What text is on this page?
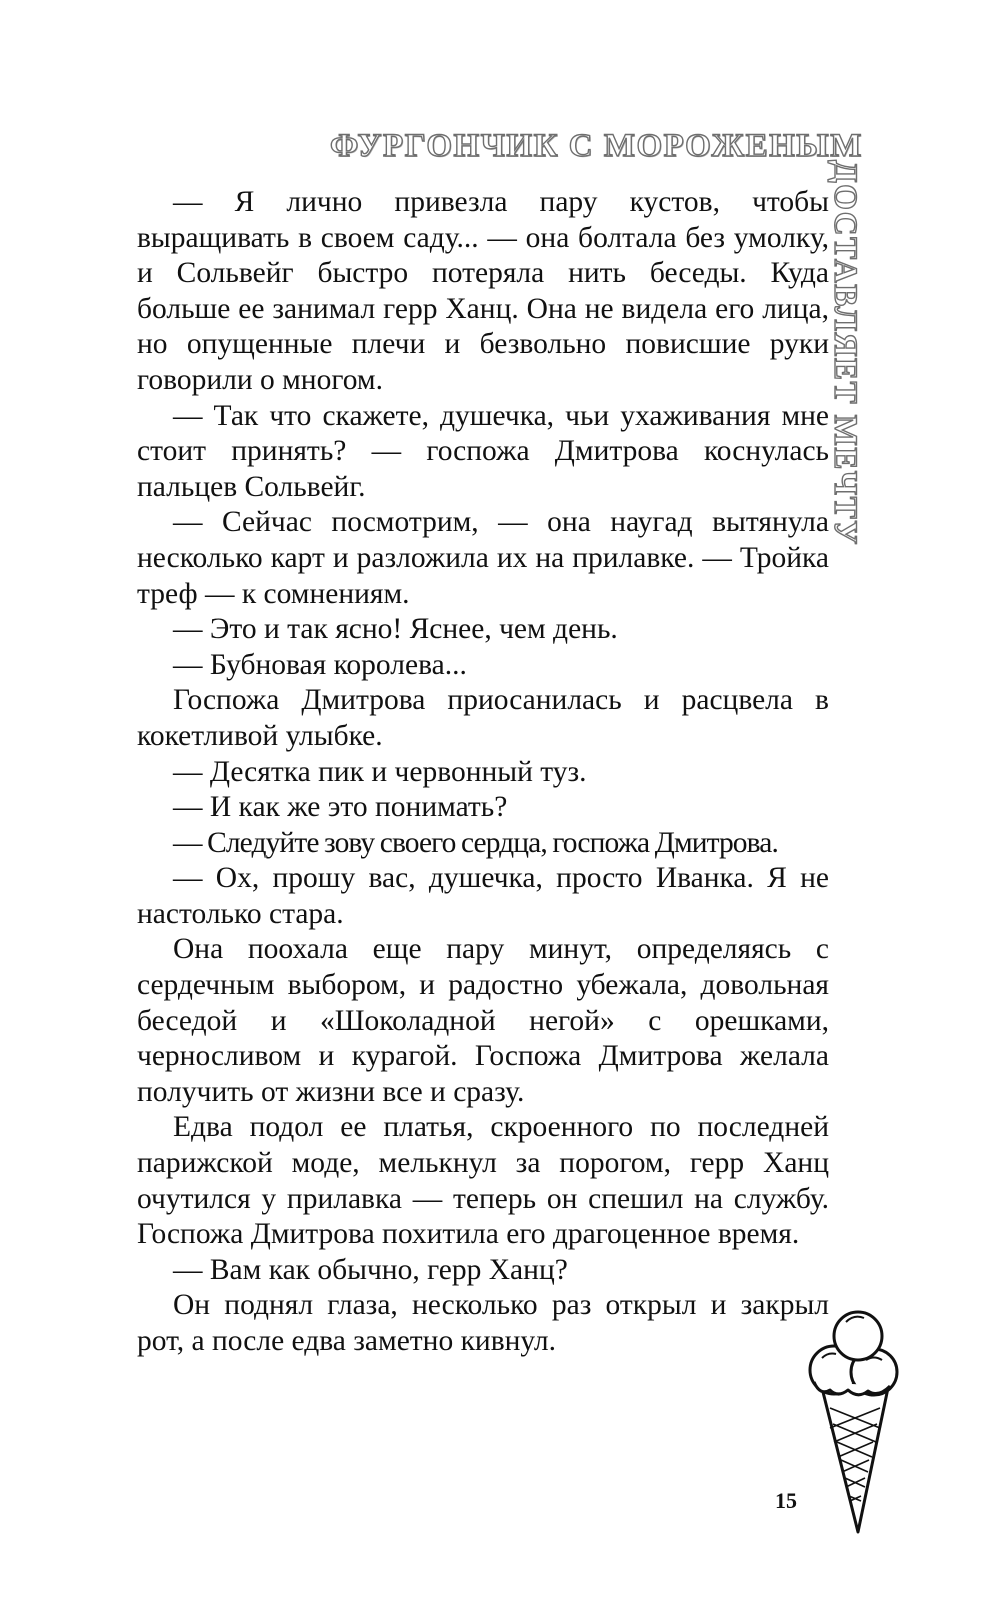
ФУРГОНЧИК С МОРОЖЕНЫМ
ДОСТАВЛЯЕТ МЕЧТУ

— Я лично привезла пару кустов, чтобы выращивать в своем саду... — она болтала без умолку, и Сольвейг быстро потеряла нить беседы. Куда больше ее занимал герр Ханц. Она не видела его лица, но опущенные плечи и безвольно повисшие руки говорили о многом.

— Так что скажете, душечка, чьи ухаживания мне стоит принять? — госпожа Дмитрова коснулась пальцев Сольвейг.

— Сейчас посмотрим, — она наугад вытянула несколько карт и разложила их на прилавке. — Тройка треф — к сомнениям.

— Это и так ясно! Яснее, чем день.

— Бубновая королева...

Госпожа Дмитрова приосанилась и расцвела в кокетливой улыбке.

— Десятка пик и червонный туз.

— И как же это понимать?

— Следуйте зову своего сердца, госпожа Дмитрова.

— Ох, прошу вас, душечка, просто Иванка. Я не настолько стара.

Она поохала еще пару минут, определяясь с сердечным выбором, и радостно убежала, довольная беседой и «Шоколадной негой» с орешками, черносливом и курагой. Госпожа Дмитрова желала получить от жизни все и сразу.

Едва подол ее платья, скроенного по последней парижской моде, мелькнул за порогом, герр Ханц очутился у прилавка — теперь он спешил на службу. Госпожа Дмитрова похитила его драгоценное время.

— Вам как обычно, герр Ханц?

Он поднял глаза, несколько раз открыл и закрыл рот, а после едва заметно кивнул.

15
